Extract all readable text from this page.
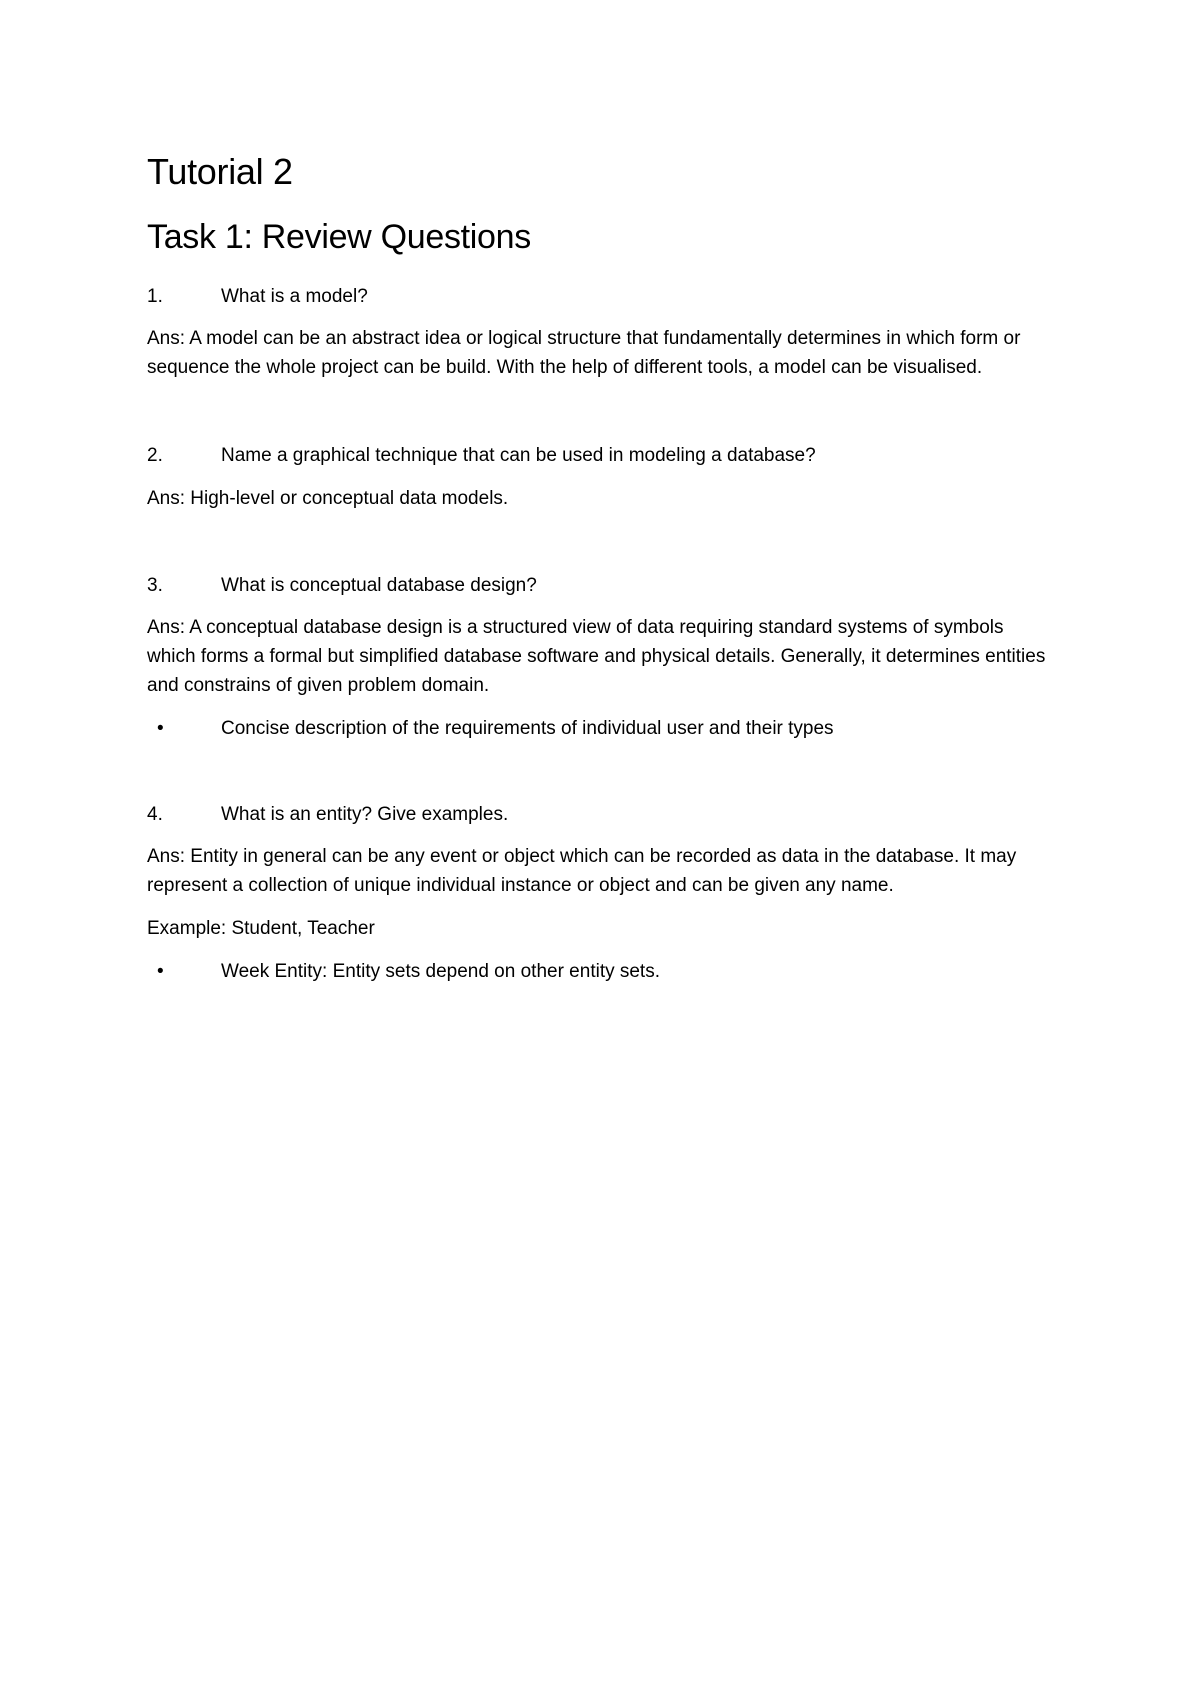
Tutorial 2
Task 1: Review Questions
1.	What is a model?

Ans: A model can be an abstract idea or logical structure that fundamentally determines in which form or sequence the whole project can be build. With the help of different tools, a model can be visualised.

2.	Name a graphical technique that can be used in modeling a database?

Ans: High-level or conceptual data models.

3.	What is conceptual database design?

Ans: A conceptual database design is a structured view of data requiring standard systems of symbols which forms a formal but simplified database software and physical details. Generally, it determines entities and constrains of given problem domain.

•	Concise description of the requirements of individual user and their types
4.	What is an entity? Give examples.

Ans: Entity in general can be any event or object which can be recorded as data in the database. It may represent a collection of unique individual instance or object and can be given any name.

Example: Student, Teacher

•	Week Entity: Entity sets depend on other entity sets.
